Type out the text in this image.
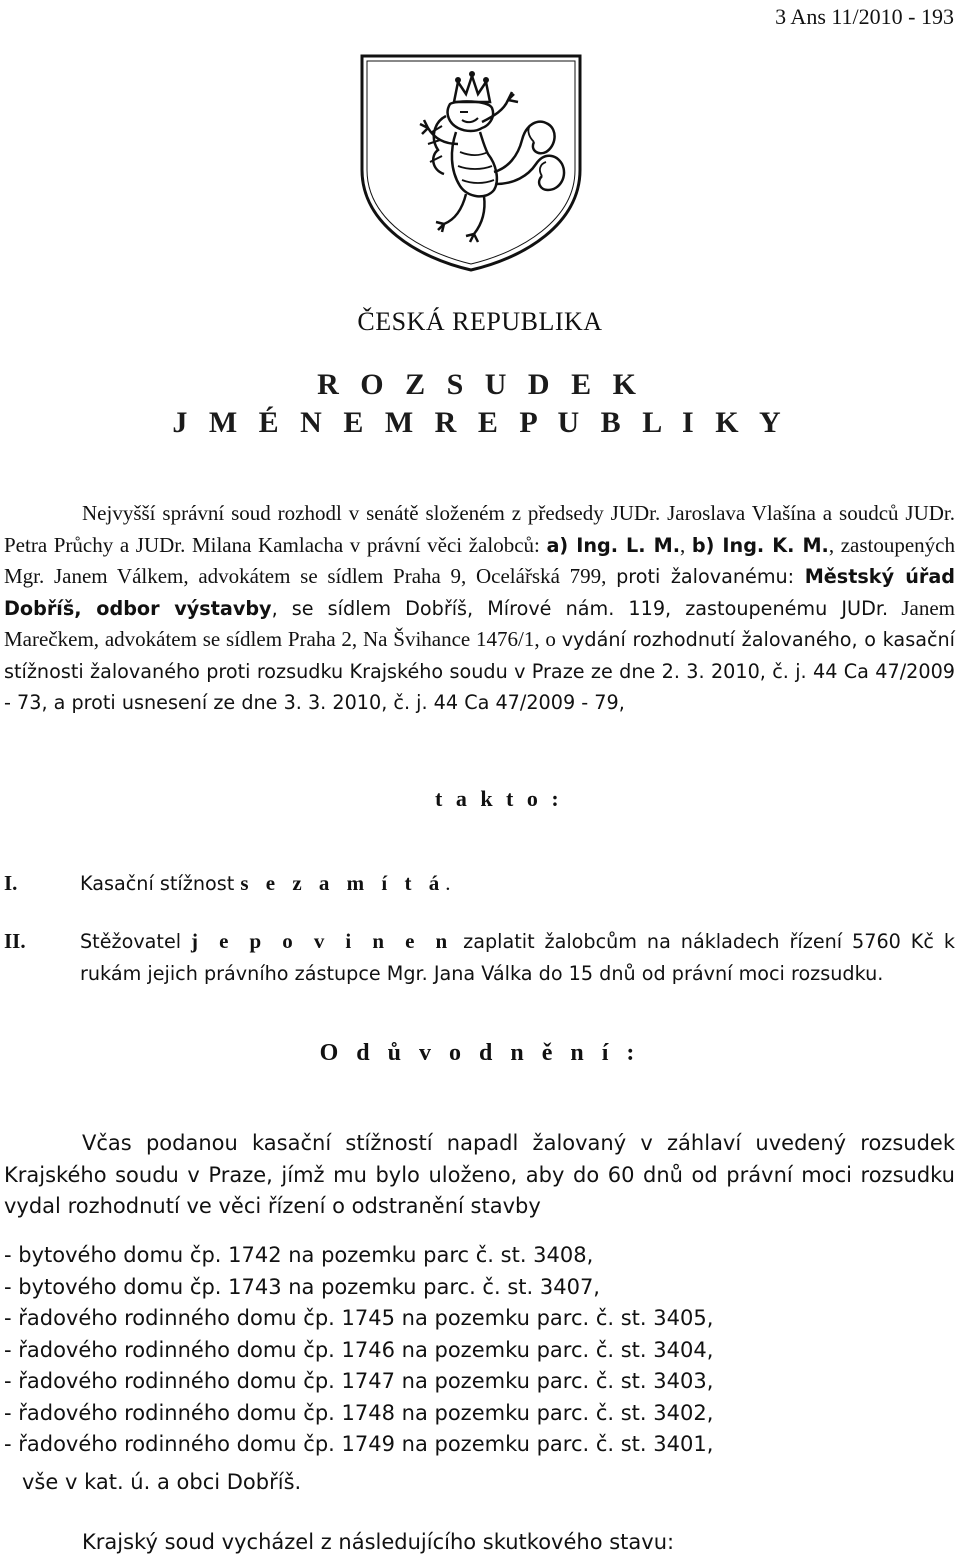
3 Ans 11/2010 - 193
ČESKÁ REPUBLIKA
R O Z S U D E K
J M É N E M R E P U B L I K Y

Nejvyšší správní soud rozhodl v senátě složeném z předsedy JUDr. Jaroslava Vlašína a soudců JUDr. Petra Průchy a JUDr. Milana Kamlacha v právní věci žalobců: a) Ing. L. M., b) Ing. K. M., zastoupených Mgr. Janem Válkem, advokátem se sídlem Praha 9, Ocelářská 799, proti žalovanému: Městský úřad Dobříš, odbor výstavby, se sídlem Dobříš, Mírové nám. 119, zastoupenému JUDr. Janem Marečkem, advokátem se sídlem Praha 2, Na Švihance 1476/1, o vydání rozhodnutí žalovaného, o kasační stížnosti žalovaného proti rozsudku Krajského soudu v Praze ze dne 2. 3. 2010, č. j. 44 Ca 47/2009 - 73, a proti usnesení ze dne 3. 3. 2010, č. j. 44 Ca 47/2009 - 79,

t a k t o :
I.	Kasační stížnost s e z a m í t á.
II.	Stěžovatel j e p o v i n e n zaplatit žalobcům na nákladech řízení 5760 Kč k rukám jejich právního zástupce Mgr. Jana Válka do 15 dnů od právní moci rozsudku.
O d ů v o d n ě n í :

Včas podanou kasační stížností napadl žalovaný v záhlaví uvedený rozsudek Krajského soudu v Praze, jímž mu bylo uloženo, aby do 60 dnů od právní moci rozsudku vydal rozhodnutí ve věci řízení o odstranění stavby

- bytového domu čp. 1742 na pozemku parc č. st. 3408,
- bytového domu čp. 1743 na pozemku parc. č. st. 3407,
- řadového rodinného domu čp. 1745 na pozemku parc. č. st. 3405,
- řadového rodinného domu čp. 1746 na pozemku parc. č. st. 3404,
- řadového rodinného domu čp. 1747 na pozemku parc. č. st. 3403,
- řadového rodinného domu čp. 1748 na pozemku parc. č. st. 3402,
- řadového rodinného domu čp. 1749 na pozemku parc. č. st. 3401,
vše v kat. ú. a obci Dobříš.
Krajský soud vycházel z následujícího skutkového stavu:
